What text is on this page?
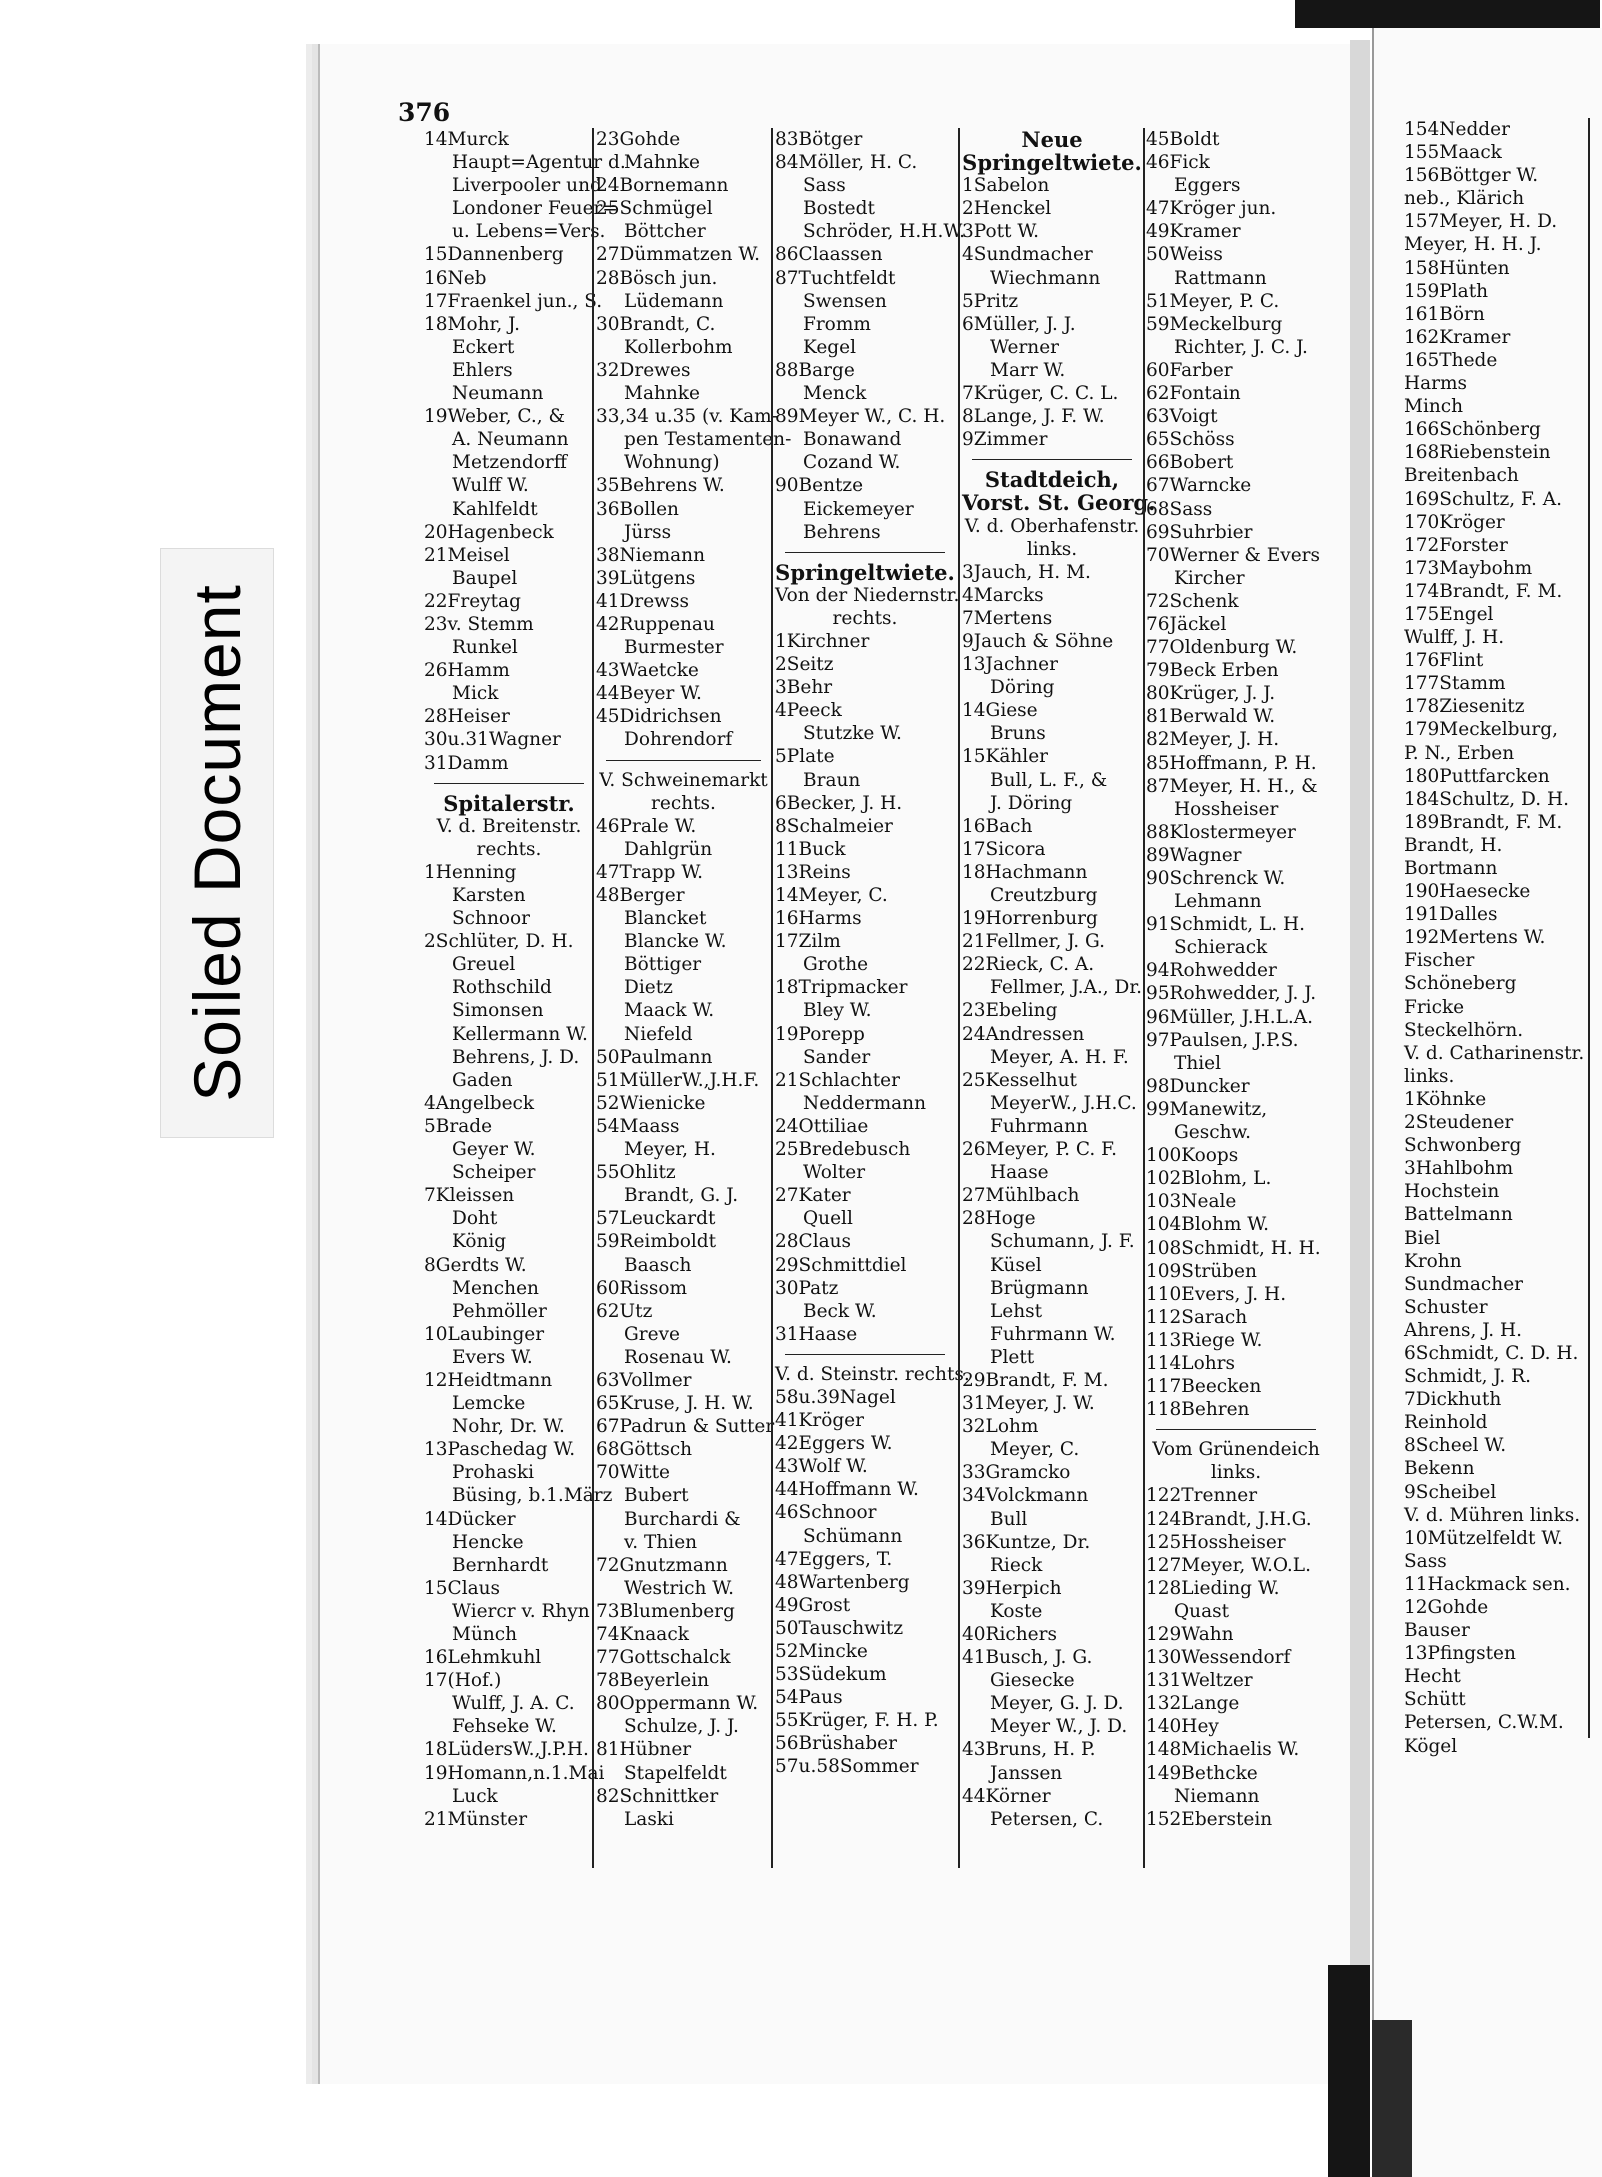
Soiled Document
376
14Murck
Haupt=Agentur d.
Liverpooler und
Londoner Feuer=
u. Lebens=Vers.
15Dannenberg
16Neb
17Fraenkel jun., S.
18Mohr, J.
Eckert
Ehlers
Neumann
19Weber, C., &
A. Neumann
Metzendorff
Wulff W.
Kahlfeldt
20Hagenbeck
21Meisel
Baupel
22Freytag
23v. Stemm
Runkel
26Hamm
Mick
28Heiser
30u.31Wagner
31Damm
Spitalerstr.
V. d. Breitenstr.
rechts.
1Henning
Karsten
Schnoor
2Schlüter, D. H.
Greuel
Rothschild
Simonsen
Kellermann W.
Behrens, J. D.
Gaden
4Angelbeck
5Brade
Geyer W.
Scheiper
7Kleissen
Doht
König
8Gerdts W.
Menchen
Pehmöller
10Laubinger
Evers W.
12Heidtmann
Lemcke
Nohr, Dr. W.
13Paschedag W.
Prohaski
Büsing, b.1.März
14Dücker
Hencke
Bernhardt
15Claus
Wiercr v. Rhyn
Münch
16Lehmkuhl
17(Hof.)
Wulff, J. A. C.
Fehseke W.
18LüdersW.,J.P.H.
19Homann,n.1.Mai
Luck
21Münster
23Gohde
Mahnke
24Bornemann
25Schmügel
Böttcher
27Dümmatzen W.
28Bösch jun.
Lüdemann
30Brandt, C.
Kollerbohm
32Drewes
Mahnke
33,34 u.35 (v. Kam-
pen Testamenten-
Wohnung)
35Behrens W.
36Bollen
Jürss
38Niemann
39Lütgens
41Drewss
42Ruppenau
Burmester
43Waetcke
44Beyer W.
45Didrichsen
Dohrendorf
V. Schweinemarkt
rechts.
46Prale W.
Dahlgrün
47Trapp W.
48Berger
Blancket
Blancke W.
Böttiger
Dietz
Maack W.
Niefeld
50Paulmann
51MüllerW.,J.H.F.
52Wienicke
54Maass
Meyer, H.
55Ohlitz
Brandt, G. J.
57Leuckardt
59Reimboldt
Baasch
60Rissom
62Utz
Greve
Rosenau W.
63Vollmer
65Kruse, J. H. W.
67Padrun & Sutter
68Göttsch
70Witte
Bubert
Burchardi &
v. Thien
72Gnutzmann
Westrich W.
73Blumenberg
74Knaack
77Gottschalck
78Beyerlein
80Oppermann W.
Schulze, J. J.
81Hübner
Stapelfeldt
82Schnittker
Laski
83Bötger
84Möller, H. C.
Sass
Bostedt
Schröder, H.H.W.
86Claassen
87Tuchtfeldt
Swensen
Fromm
Kegel
88Barge
Menck
89Meyer W., C. H.
Bonawand
Cozand W.
90Bentze
Eickemeyer
Behrens
Springeltwiete.
Von der Niedernstr.
rechts.
1Kirchner
2Seitz
3Behr
4Peeck
Stutzke W.
5Plate
Braun
6Becker, J. H.
8Schalmeier
11Buck
13Reins
14Meyer, C.
16Harms
17Zilm
Grothe
18Tripmacker
Bley W.
19Porepp
Sander
21Schlachter
Neddermann
24Ottiliae
25Bredebusch
Wolter
27Kater
Quell
28Claus
29Schmittdiel
30Patz
Beck W.
31Haase
V. d. Steinstr. rechts.
58u.39Nagel
41Kröger
42Eggers W.
43Wolf W.
44Hoffmann W.
46Schnoor
Schümann
47Eggers, T.
48Wartenberg
49Grost
50Tauschwitz
52Mincke
53Südekum
54Paus
55Krüger, F. H. P.
56Brüshaber
57u.58Sommer
Neue
Springeltwiete.
1Sabelon
2Henckel
3Pott W.
4Sundmacher
Wiechmann
5Pritz
6Müller, J. J.
Werner
Marr W.
7Krüger, C. C. L.
8Lange, J. F. W.
9Zimmer
Stadtdeich,
Vorst. St. Georg.
V. d. Oberhafenstr.
links.
3Jauch, H. M.
4Marcks
7Mertens
9Jauch & Söhne
13Jachner
Döring
14Giese
Bruns
15Kähler
Bull, L. F., &
J. Döring
16Bach
17Sicora
18Hachmann
Creutzburg
19Horrenburg
21Fellmer, J. G.
22Rieck, C. A.
Fellmer, J.A., Dr.
23Ebeling
24Andressen
Meyer, A. H. F.
25Kesselhut
MeyerW., J.H.C.
Fuhrmann
26Meyer, P. C. F.
Haase
27Mühlbach
28Hoge
Schumann, J. F.
Küsel
Brügmann
Lehst
Fuhrmann W.
Plett
29Brandt, F. M.
31Meyer, J. W.
32Lohm
Meyer, C.
33Gramcko
34Volckmann
Bull
36Kuntze, Dr.
Rieck
39Herpich
Koste
40Richers
41Busch, J. G.
Giesecke
Meyer, G. J. D.
Meyer W., J. D.
43Bruns, H. P.
Janssen
44Körner
Petersen, C.
45Boldt
46Fick
Eggers
47Kröger jun.
49Kramer
50Weiss
Rattmann
51Meyer, P. C.
59Meckelburg
Richter, J. C. J.
60Farber
62Fontain
63Voigt
65Schöss
66Bobert
67Warncke
68Sass
69Suhrbier
70Werner & Evers
Kircher
72Schenk
76Jäckel
77Oldenburg W.
79Beck Erben
80Krüger, J. J.
81Berwald W.
82Meyer, J. H.
85Hoffmann, P. H.
87Meyer, H. H., &
Hossheiser
88Klostermeyer
89Wagner
90Schrenck W.
Lehmann
91Schmidt, L. H.
Schierack
94Rohwedder
95Rohwedder, J. J.
96Müller, J.H.L.A.
97Paulsen, J.P.S.
Thiel
98Duncker
99Manewitz,
Geschw.
100Koops
102Blohm, L.
103Neale
104Blohm W.
108Schmidt, H. H.
109Strüben
110Evers, J. H.
112Sarach
113Riege W.
114Lohrs
117Beecken
118Behren
Vom Grünendeich
links.
122Trenner
124Brandt, J.H.G.
125Hossheiser
127Meyer, W.O.L.
128Lieding W.
Quast
129Wahn
130Wessendorf
131Weltzer
132Lange
140Hey
148Michaelis W.
149Bethcke
Niemann
152Eberstein
154Nedder
155Maack
156Böttger W.
neb., Klärich
157Meyer, H. D.
Meyer, H. H. J.
158Hünten
159Plath
161Börn
162Kramer
165Thede
Harms
Minch
166Schönberg
168Riebenstein
Breitenbach
169Schultz, F. A.
170Kröger
172Forster
173Maybohm
174Brandt, F. M.
175Engel
Wulff, J. H.
176Flint
177Stamm
178Ziesenitz
179Meckelburg,
P. N., Erben
180Puttfarcken
184Schultz, D. H.
189Brandt, F. M.
Brandt, H.
Bortmann
190Haesecke
191Dalles
192Mertens W.
Fischer
Schöneberg
Fricke
Steckelhörn.
V. d. Catharinenstr.
links.
1Köhnke
2Steudener
Schwonberg
3Hahlbohm
Hochstein
Battelmann
Biel
Krohn
Sundmacher
Schuster
Ahrens, J. H.
6Schmidt, C. D. H.
Schmidt, J. R.
7Dickhuth
Reinhold
8Scheel W.
Bekenn
9Scheibel
V. d. Mühren links.
10Mützelfeldt W.
Sass
11Hackmack sen.
12Gohde
Bauser
13Pfingsten
Hecht
Schütt
Petersen, C.W.M.
Kögel
